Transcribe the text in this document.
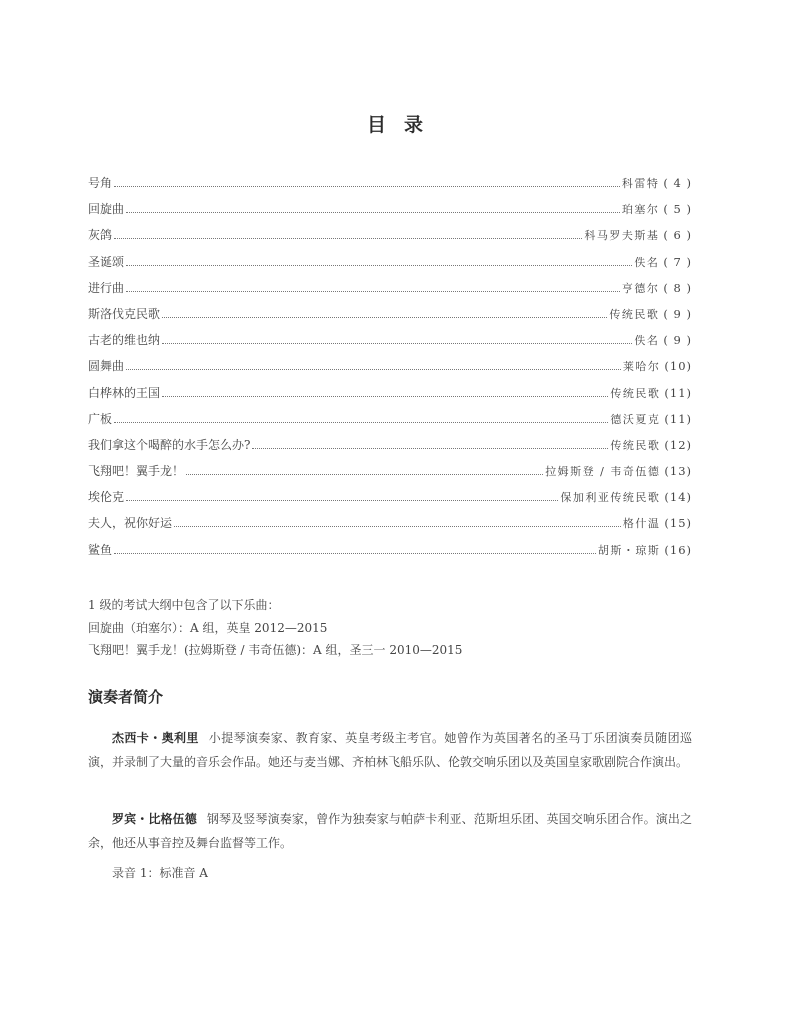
目录
号角	科雷特 ( 4 )
回旋曲	珀塞尔 ( 5 )
灰鸽	科马罗夫斯基 ( 6 )
圣诞颂	佚名 ( 7 )
进行曲	亨德尔 ( 8 )
斯洛伐克民歌	传统民歌 ( 9 )
古老的维也纳	佚名 ( 9 )
圆舞曲	莱哈尔 (10)
白桦林的王国	传统民歌 (11)
广板	德沃夏克 (11)
我们拿这个喝醉的水手怎么办?	传统民歌 (12)
飞翔吧！翼手龙！	拉姆斯登 / 韦奇伍德 (13)
埃伦克	保加利亚传统民歌 (14)
夫人，祝你好运	格什温 (15)
鲨鱼	胡斯・琼斯 (16)
1 级的考试大纲中包含了以下乐曲：
回旋曲（珀塞尔）：A 组，英皇 2012—2015
飞翔吧！翼手龙！(拉姆斯登 / 韦奇伍德)：A 组，圣三一 2010—2015
演奏者简介

杰西卡・奥利里 小提琴演奏家、教育家、英皇考级主考官。她曾作为英国著名的圣马丁乐团演奏员随团巡演，并录制了大量的音乐会作品。她还与麦当娜、齐柏林飞船乐队、伦敦交响乐团以及英国皇家歌剧院合作演出。

罗宾・比格伍德 钢琴及竖琴演奏家，曾作为独奏家与帕萨卡利亚、范斯坦乐团、英国交响乐团合作。演出之余，他还从事音控及舞台监督等工作。

录音 1：标准音 A
